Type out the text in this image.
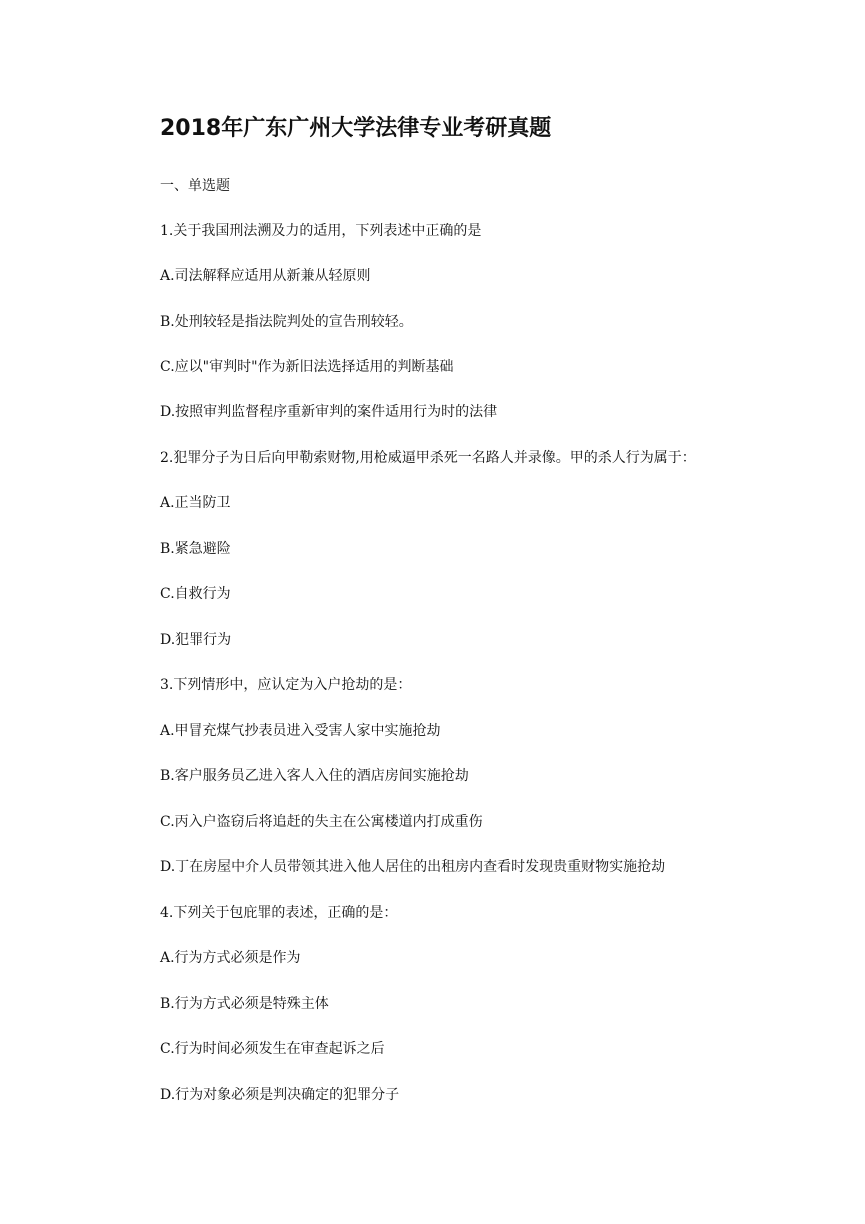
2018年广东广州大学法律专业考研真题
一、单选题
1.关于我国刑法溯及力的适用，下列表述中正确的是
A.司法解释应适用从新兼从轻原则
B.处刑较轻是指法院判处的宣告刑较轻。
C.应以"审判时"作为新旧法选择适用的判断基础
D.按照审判监督程序重新审判的案件适用行为时的法律
2.犯罪分子为日后向甲勒索财物,用枪威逼甲杀死一名路人并录像。甲的杀人行为属于：
A.正当防卫
B.紧急避险
C.自救行为
D.犯罪行为
3.下列情形中，应认定为入户抢劫的是：
A.甲冒充煤气抄表员进入受害人家中实施抢劫
B.客户服务员乙进入客人入住的酒店房间实施抢劫
C.丙入户盗窃后将追赶的失主在公寓楼道内打成重伤
D.丁在房屋中介人员带领其进入他人居住的出租房内查看时发现贵重财物实施抢劫
4.下列关于包庇罪的表述，正确的是：
A.行为方式必须是作为
B.行为方式必须是特殊主体
C.行为时间必须发生在审查起诉之后
D.行为对象必须是判决确定的犯罪分子
